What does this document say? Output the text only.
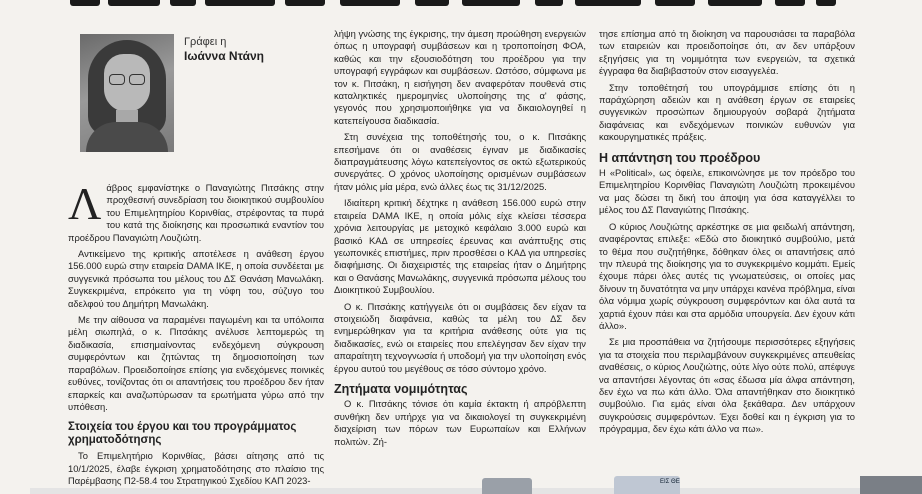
Γράφει η
Ιωάννα Ντάνη

Λάβρος εμφανίστηκε ο Παναγιώτης Πιτσάκης στην προχθεσινή συνεδρίαση του διοικητικού συμβουλίου του Επιμελητηρίου Κορινθίας, στρέφοντας τα πυρά του κατά της διοίκησης και προσωπικά εναντίον του προέδρου Παναγιώτη Λουζιώτη.

Αντικείμενο της κριτικής αποτέλεσε η ανάθεση έργου 156.000 ευρώ στην εταιρεία DAMA IKE, η οποία συνδέεται με συγγενικά πρόσωπα του μέλους του ΔΣ Θανάση Μανωλάκη. Συγκεκριμένα, επρόκειτο για τη νύφη του, σύζυγο του αδελφού του Δημήτρη Μανωλάκη.

Με την αίθουσα να παραμένει παγωμένη και τα υπόλοιπα μέλη σιωπηλά, ο κ. Πιτσάκης ανέλυσε λεπτομερώς τη διαδικασία, επισημαίνοντας ενδεχόμενη σύγκρουση συμφερόντων και ζητώντας τη δημοσιοποίηση των παραβόλων. Προειδοποίησε επίσης για ενδεχόμενες ποινικές ευθύνες, τονίζοντας ότι οι απαντήσεις του προέδρου δεν ήταν επαρκείς και αναζωπύρωσαν τα ερωτήματα γύρω από την υπόθεση.

Στοιχεία του έργου και του προγράμματος χρηματοδότησης

Το Επιμελητήριο Κορινθίας, βάσει αίτησης από τις 10/1/2025, έλαβε έγκριση χρηματοδότησης στο πλαίσιο της Παρέμβασης Π2-58.4 του Στρατηγικού Σχεδίου ΚΑΠ 2023-

λήψη γνώσης της έγκρισης, την άμεση προώθηση ενεργειών όπως η υπογραφή συμβάσεων και η τροποποίηση ΦΟΑ, καθώς και την εξουσιοδότηση του προέδρου για την υπογραφή εγγράφων και συμβάσεων. Ωστόσο, σύμφωνα με τον κ. Πιτσάκη, η εισήγηση δεν αναφερόταν πουθενά στις καταληκτικές ημερομηνίες υλοποίησης της α' φάσης, γεγονός που χρησιμοποιήθηκε για να δικαιολογηθεί η κατεπείγουσα διαδικασία.

Στη συνέχεια της τοποθέτησής του, ο κ. Πιτσάκης επεσήμανε ότι οι αναθέσεις έγιναν με διαδικασίες διαπραγμάτευσης λόγω κατεπείγοντος σε οκτώ εξωτερικούς συνεργάτες. Ο χρόνος υλοποίησης ορισμένων συμβάσεων ήταν μόλις μία μέρα, ενώ άλλες έως τις 31/12/2025.

Ιδιαίτερη κριτική δέχτηκε η ανάθεση 156.000 ευρώ στην εταιρεία DAMA IKE, η οποία μόλις είχε κλείσει τέσσερα χρόνια λειτουργίας με μετοχικό κεφάλαιο 3.000 ευρώ και βασικό ΚΑΔ σε υπηρεσίες έρευνας και ανάπτυξης στις γεωπονικές επιστήμες, πριν προσθέσει ο ΚΑΔ για υπηρεσίες διαφήμισης. Οι διαχειριστές της εταιρείας ήταν ο Δημήτρης και ο Θανάσης Μανωλάκης, συγγενικά πρόσωπα μέλους του Διοικητικού Συμβουλίου.

Ο κ. Πιτσάκης κατήγγειλε ότι οι συμβάσεις δεν είχαν τα στοιχειώδη διαφάνεια, καθώς τα μέλη του ΔΣ δεν ενημερώθηκαν για τα κριτήρια ανάθεσης ούτε για τις διαδικασίες, ενώ οι εταιρείες που επελέγησαν δεν είχαν την απαραίτητη τεχνογνωσία ή υποδομή για την υλοποίηση ενός έργου αυτού του μεγέθους σε τόσο σύντομο χρόνο.

Ζητήματα νομιμότητας

Ο κ. Πιτσάκης τόνισε ότι καμία έκτακτη ή απρόβλεπτη συνθήκη δεν υπήρχε για να δικαιολογεί τη συγκεκριμένη διαχείριση των πόρων των Ευρωπαίων και Ελλήνων πολιτών. Ζή-

τησε επίσημα από τη διοίκηση να παρουσιάσει τα παραβόλα των εταιρειών και προειδοποίησε ότι, αν δεν υπάρξουν εξηγήσεις για τη νομιμότητα των ενεργειών, τα σχετικά έγγραφα θα διαβιβαστούν στον εισαγγελέα.

Στην τοποθέτησή του υπογράμμισε επίσης ότι η παράχώρηση αδειών και η ανάθεση έργων σε εταιρείες συγγενικών προσώπων δημιουργούν σοβαρά ζητήματα διαφάνειας και ενδεχόμενων ποινικών ευθυνών για κακουργηματικές πράξεις.

Η απάντηση του προέδρου

Η «Political», ως όφειλε, επικοινώνησε με τον πρόεδρο του Επιμελητηρίου Κορινθίας Παναγιώτη Λουζιώτη προκειμένου να μας δώσει τη δική του άποψη για όσα καταγγέλλει το μέλος του ΔΣ Παναγιώτης Πιτσάκης.

Ο κύριος Λουζιώτης αρκέστηκε σε μια φειδωλή απάντηση, αναφέροντας επιλεξε: «Εδώ στο διοικητικό συμβούλιο, μετά το θέμα που συζητήθηκε, δόθηκαν όλες οι απαντήσεις από την πλευρά της διοίκησης για το συγκεκριμένο κομμάτι. Εμείς έχουμε πάρει όλες αυτές τις γνωματεύσεις, οι οποίες μας δίνουν τη δυνατότητα να μην υπάρχει κανένα πρόβλημα, είναι όλα νόμιμα χωρίς σύγκρουση συμφερόντων και όλα αυτά τα χαρτιά έχουν πάει και στα αρμόδια υπουργεία. Δεν έχουν κάτι άλλο».

Σε μια προσπάθεια να ζητήσουμε περισσότερες εξηγήσεις για τα στοιχεία που περιλαμβάνουν συγκεκριμένες απευθείας αναθέσεις, ο κύριος Λουζιώτης, ούτε λίγο ούτε πολύ, απέφυγε να απαντήσει λέγοντας ότι «σας έδωσα μία άλφα απάντηση, δεν έχω να πω κάτι άλλο. Όλα απαντήθηκαν στο διοικητικό συμβούλιο. Για εμάς είναι όλα ξεκάθαρα. Δεν υπάρχουν συγκρούσεις συμφερόντων. Έχει δοθεί και η έγκριση για το πρόγραμμα, δεν έχω κάτι άλλο να πω».

ΕΙΣ ΘΕ
